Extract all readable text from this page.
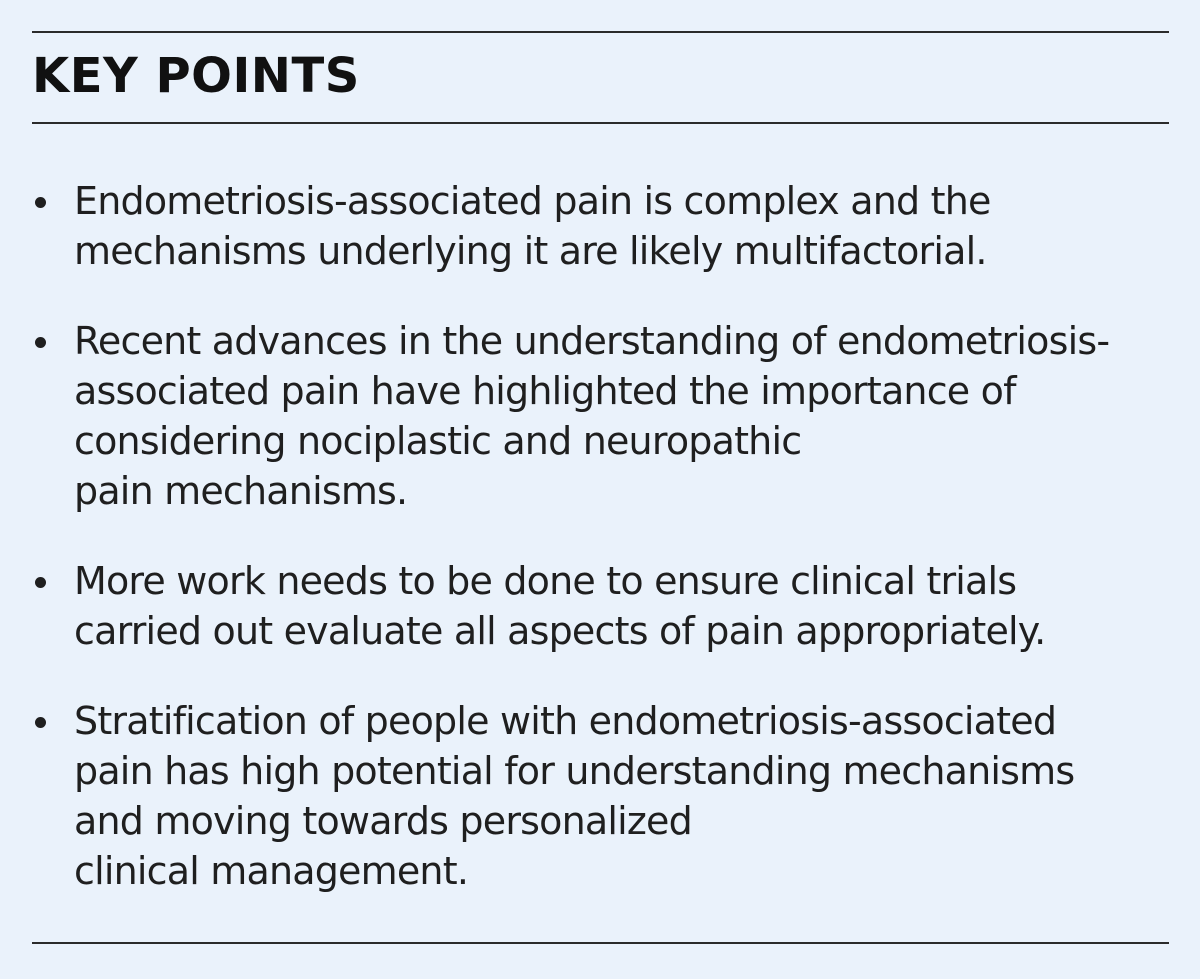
KEY POINTS
Endometriosis-associated pain is complex and the
mechanisms underlying it are likely multifactorial.
Recent advances in the understanding of endometriosis-
associated pain have highlighted the importance of
considering nociplastic and neuropathic
pain mechanisms.
More work needs to be done to ensure clinical trials
carried out evaluate all aspects of pain appropriately.
Stratification of people with endometriosis-associated
pain has high potential for understanding mechanisms
and moving towards personalized
clinical management.
